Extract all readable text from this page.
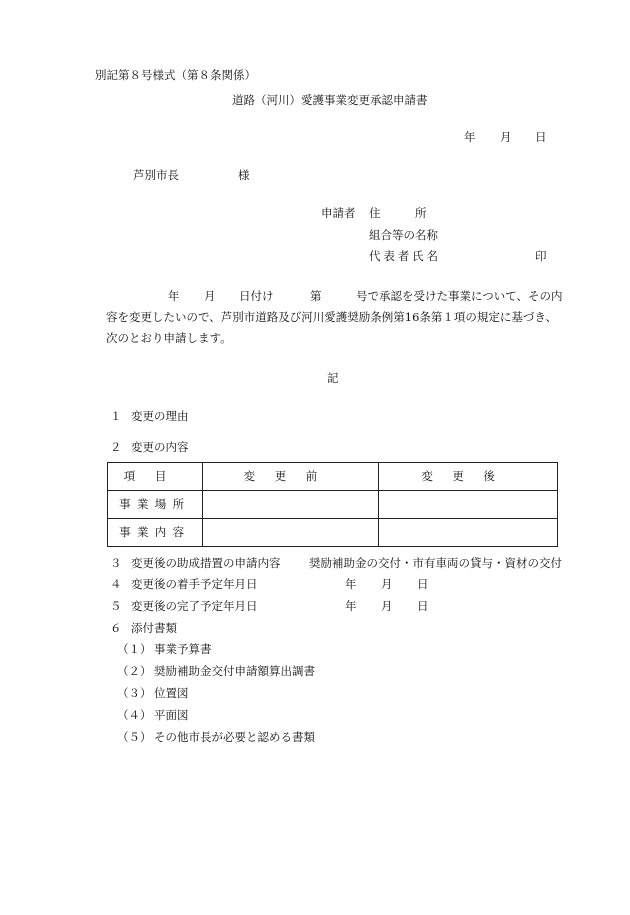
別記第８号様式（第８条関係）
道路（河川）愛護事業変更承認申請書
年 月 日
芦別市長	様
申請者 住　　　所
組合等の名称
代表者氏名	印
年 月 日付け	第	号で承認を受けた事業について、その内
容を変更したいので、芦別市道路及び河川愛護奨励条例第16条第１項の規定に基づき、
次のとおり申請します。
記
１ 変更の理由
２ 変更の内容
項目	変更前	変更後
事業場所		
事業内容		
３ 変更後の助成措置の申請内容 奨励補助金の交付・市有車両の貸与・資材の交付
４ 変更後の着手予定年月日	年 月 日
５ 変更後の完了予定年月日	年 月 日
６ 添付書類
（１） 事業予算書
（２） 奨励補助金交付申請額算出調書
（３） 位置図
（４） 平面図
（５） その他市長が必要と認める書類
